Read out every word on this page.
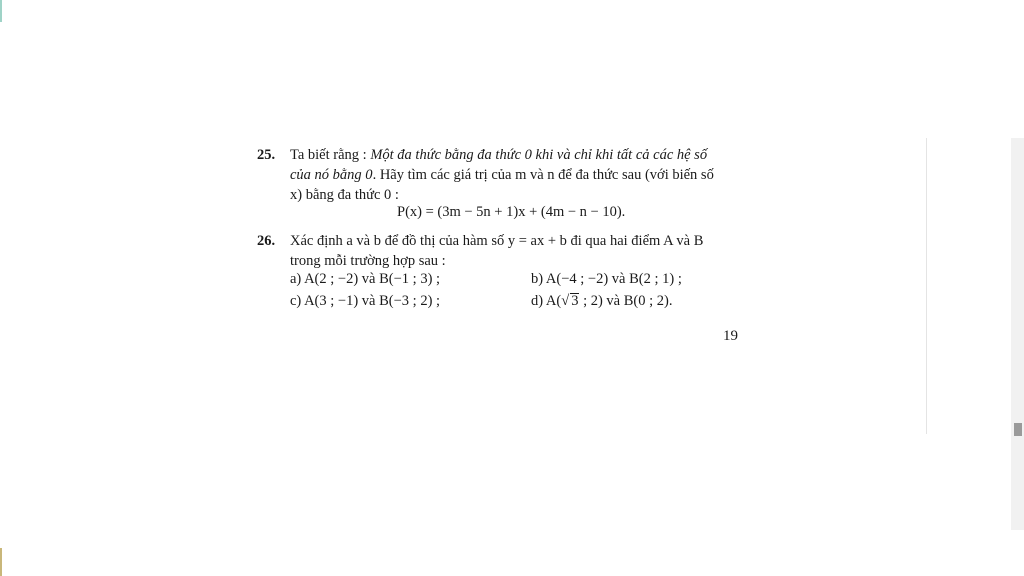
25. Ta biết rằng : Một đa thức bằng đa thức 0 khi và chỉ khi tất cả các hệ số
của nó bằng 0. Hãy tìm các giá trị của m và n để đa thức sau (với biến số
x) bằng đa thức 0 :
P(x) = (3m − 5n + 1)x + (4m − n − 10).
26. Xác định a và b để đồ thị của hàm số y = ax + b đi qua hai điểm A và B
trong mỗi trường hợp sau :
a) A(2 ; −2) và B(−1 ; 3) ;	b) A(−4 ; −2) và B(2 ; 1) ;
c) A(3 ; −1) và B(−3 ; 2) ;	d) A(√ 3 ; 2) và B(0 ; 2).
19
